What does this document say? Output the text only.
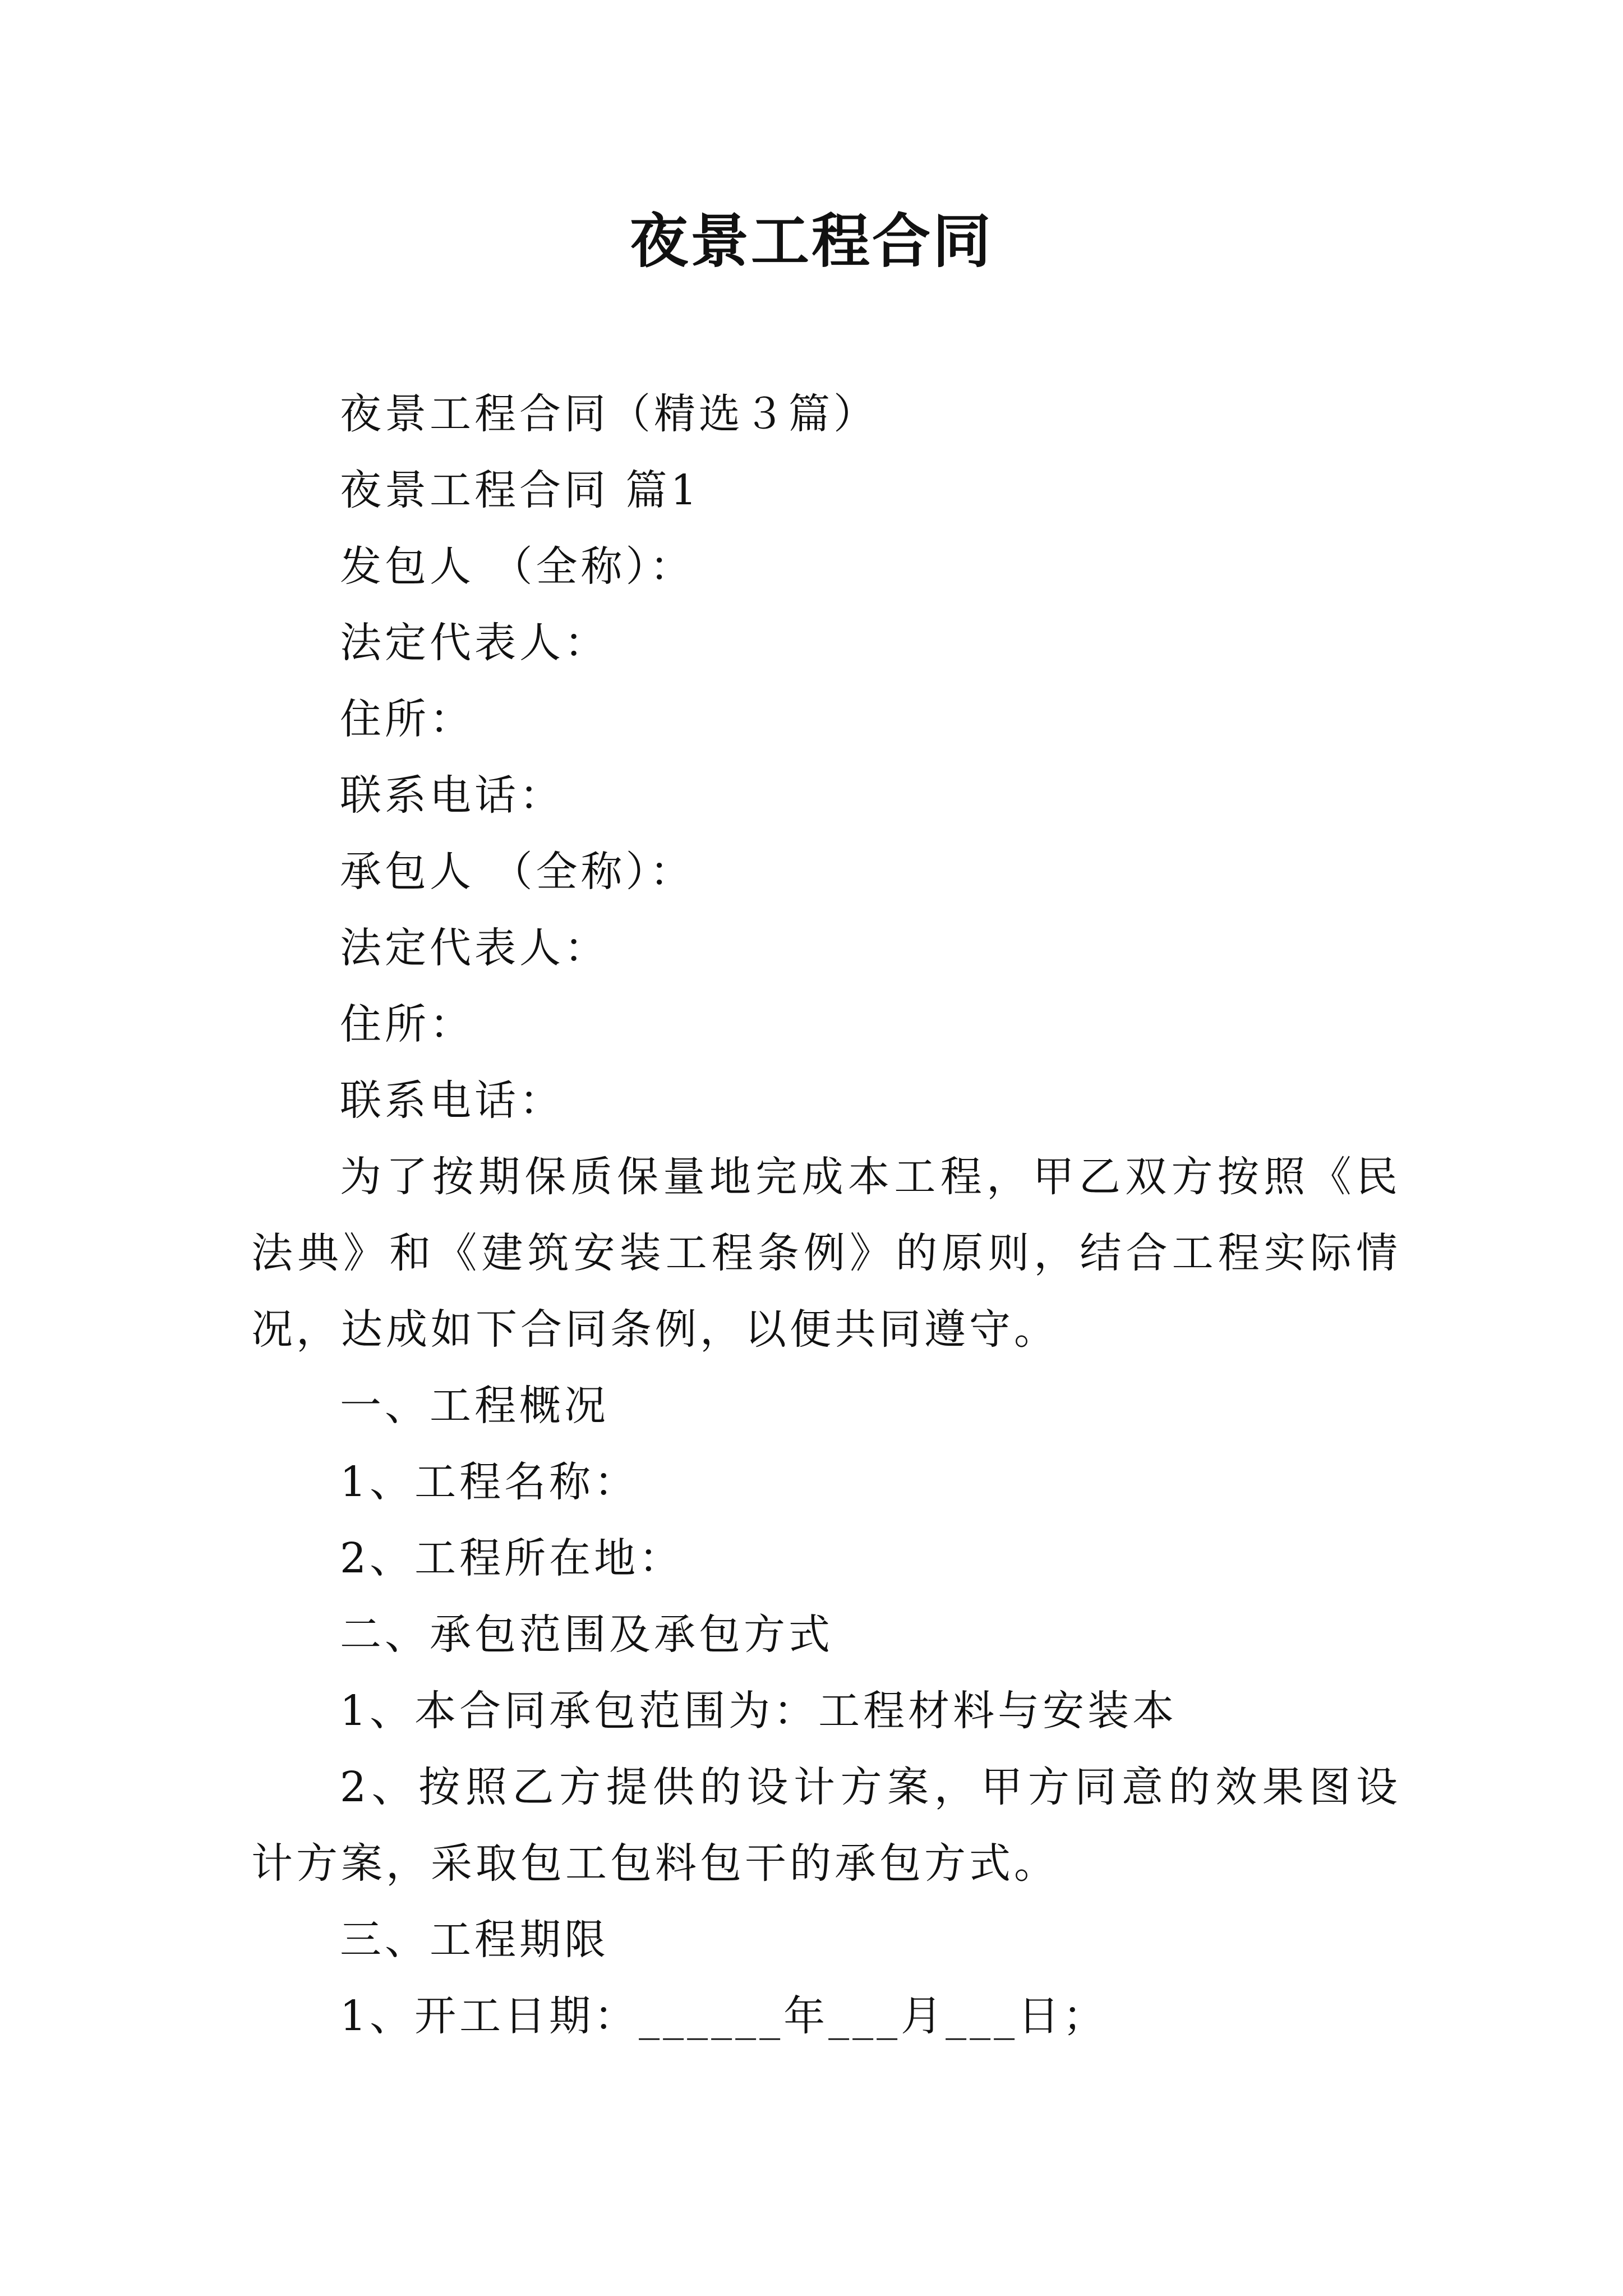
夜景工程合同

夜景工程合同（精选３篇）

夜景工程合同 篇1

发包人 （全称）：

法定代表人：

住所：

联系电话：

承包人 （全称）：

法定代表人：

住所：

联系电话：

为了按期保质保量地完成本工程，甲乙双方按照《民法典》和《建筑安装工程条例》的原则，结合工程实际情况，达成如下合同条例，以便共同遵守。

一、工程概况

1、工程名称：

2、工程所在地：

二、承包范围及承包方式

1、本合同承包范围为：工程材料与安装本

2、按照乙方提供的设计方案，甲方同意的效果图设计方案，采取包工包料包干的承包方式。

三、工程期限

1、开工日期：______年___月___日；
